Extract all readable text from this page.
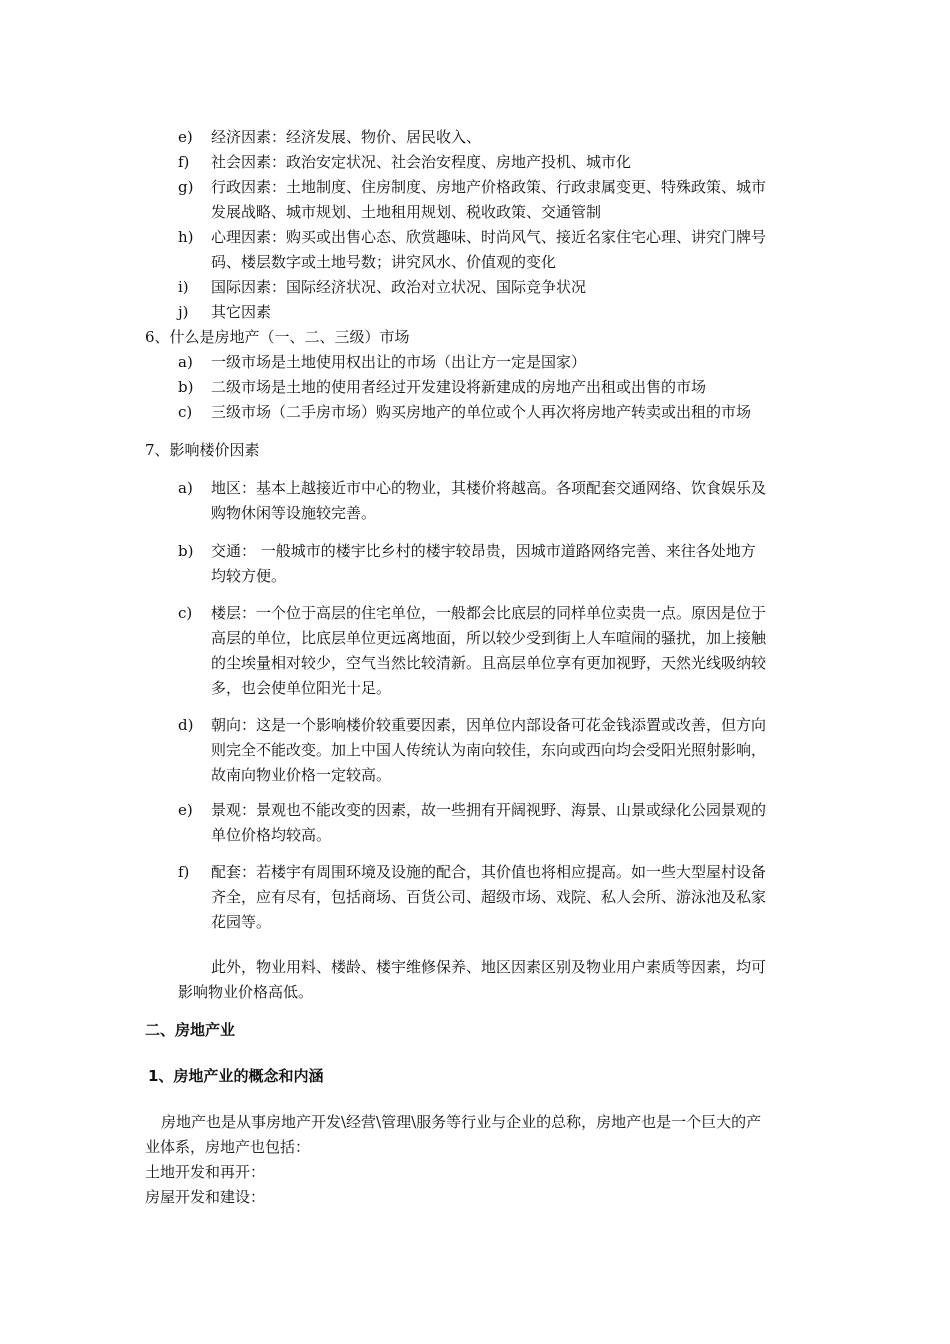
e)	经济因素：经济发展、物价、居民收入、
f)	社会因素：政治安定状况、社会治安程度、房地产投机、城市化
g)	行政因素：土地制度、住房制度、房地产价格政策、行政隶属变更、特殊政策、城市
发展战略、城市规划、土地租用规划、税收政策、交通管制
h)	心理因素：购买或出售心态、欣赏趣味、时尚风气、接近名家住宅心理、讲究门牌号
码、楼层数字或土地号数；讲究风水、价值观的变化
i)	国际因素：国际经济状况、政治对立状况、国际竞争状况
j)	其它因素
6、什么是房地产（一、二、三级）市场
a)	一级市场是土地使用权出让的市场（出让方一定是国家）
b)	二级市场是土地的使用者经过开发建设将新建成的房地产出租或出售的市场
c)	三级市场（二手房市场）购买房地产的单位或个人再次将房地产转卖或出租的市场
7、影响楼价因素
a)	地区：基本上越接近市中心的物业，其楼价将越高。各项配套交通网络、饮食娱乐及
购物休闲等设施较完善。
b)	交通： 一般城市的楼宇比乡村的楼宇较昂贵，因城市道路网络完善、来往各处地方
均较方便。
c)	楼层：一个位于高层的住宅单位，一般都会比底层的同样单位卖贵一点。原因是位于
高层的单位，比底层单位更远离地面，所以较少受到街上人车喧闹的骚扰，加上接触
的尘埃量相对较少，空气当然比较清新。且高层单位享有更加视野，天然光线吸纳较
多，也会使单位阳光十足。
d)	朝向：这是一个影响楼价较重要因素，因单位内部设备可花金钱添置或改善，但方向
则完全不能改变。加上中国人传统认为南向较佳，东向或西向均会受阳光照射影响，
故南向物业价格一定较高。
e)	景观：景观也不能改变的因素，故一些拥有开阔视野、海景、山景或绿化公园景观的
单位价格均较高。
f)	配套：若楼宇有周围环境及设施的配合，其价值也将相应提高。如一些大型屋村设备
齐全，应有尽有，包括商场、百货公司、超级市场、戏院、私人会所、游泳池及私家
花园等。
此外，物业用料、楼龄、楼宇维修保养、地区因素区别及物业用户素质等因素，均可
影响物业价格高低。
二、房地产业
1、房地产业的概念和内涵
房地产也是从事房地产开发\经营\管理\服务等行业与企业的总称，房地产也是一个巨大的产
业体系，房地产也包括：
土地开发和再开：
房屋开发和建设：
